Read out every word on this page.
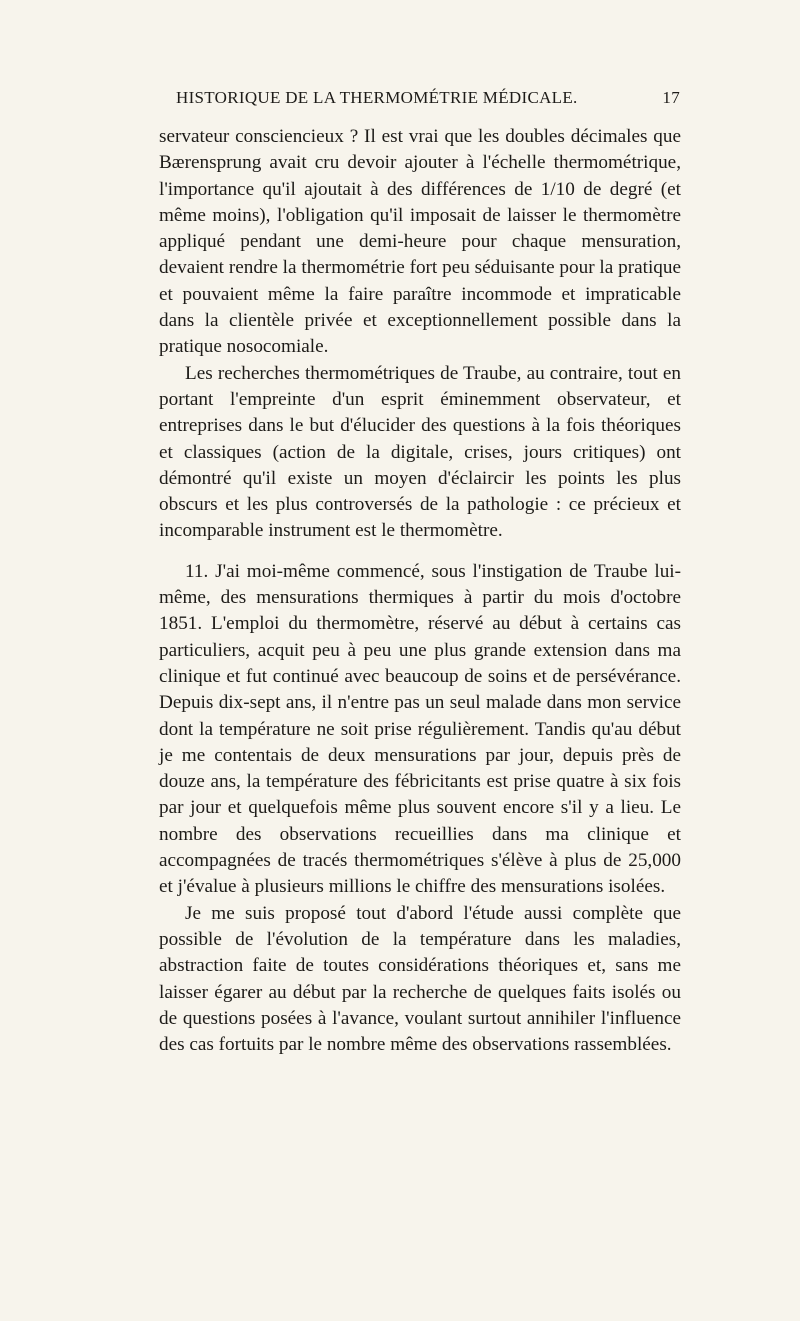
HISTORIQUE DE LA THERMOMÉTRIE MÉDICALE.	17

servateur consciencieux ? Il est vrai que les doubles décimales que Bærensprung avait cru devoir ajouter à l'échelle thermométrique, l'importance qu'il ajoutait à des différences de 1/10 de degré (et même moins), l'obligation qu'il imposait de laisser le thermomètre appliqué pendant une demi-heure pour chaque mensuration, devaient rendre la thermométrie fort peu séduisante pour la pratique et pouvaient même la faire paraître incommode et impraticable dans la clientèle privée et exceptionnellement possible dans la pratique nosocomiale.

Les recherches thermométriques de Traube, au contraire, tout en portant l'empreinte d'un esprit éminemment observateur, et entreprises dans le but d'élucider des questions à la fois théoriques et classiques (action de la digitale, crises, jours critiques) ont démontré qu'il existe un moyen d'éclaircir les points les plus obscurs et les plus controversés de la pathologie : ce précieux et incomparable instrument est le thermomètre.

11. J'ai moi-même commencé, sous l'instigation de Traube lui-même, des mensurations thermiques à partir du mois d'octobre 1851. L'emploi du thermomètre, réservé au début à certains cas particuliers, acquit peu à peu une plus grande extension dans ma clinique et fut continué avec beaucoup de soins et de persévérance. Depuis dix-sept ans, il n'entre pas un seul malade dans mon service dont la température ne soit prise régulièrement. Tandis qu'au début je me contentais de deux mensurations par jour, depuis près de douze ans, la température des fébricitants est prise quatre à six fois par jour et quelquefois même plus souvent encore s'il y a lieu. Le nombre des observations recueillies dans ma clinique et accompagnées de tracés thermométriques s'élève à plus de 25,000 et j'évalue à plusieurs millions le chiffre des mensurations isolées.

Je me suis proposé tout d'abord l'étude aussi complète que possible de l'évolution de la température dans les maladies, abstraction faite de toutes considérations théoriques et, sans me laisser égarer au début par la recherche de quelques faits isolés ou de questions posées à l'avance, voulant surtout annihiler l'influence des cas fortuits par le nombre même des observations rassemblées.
